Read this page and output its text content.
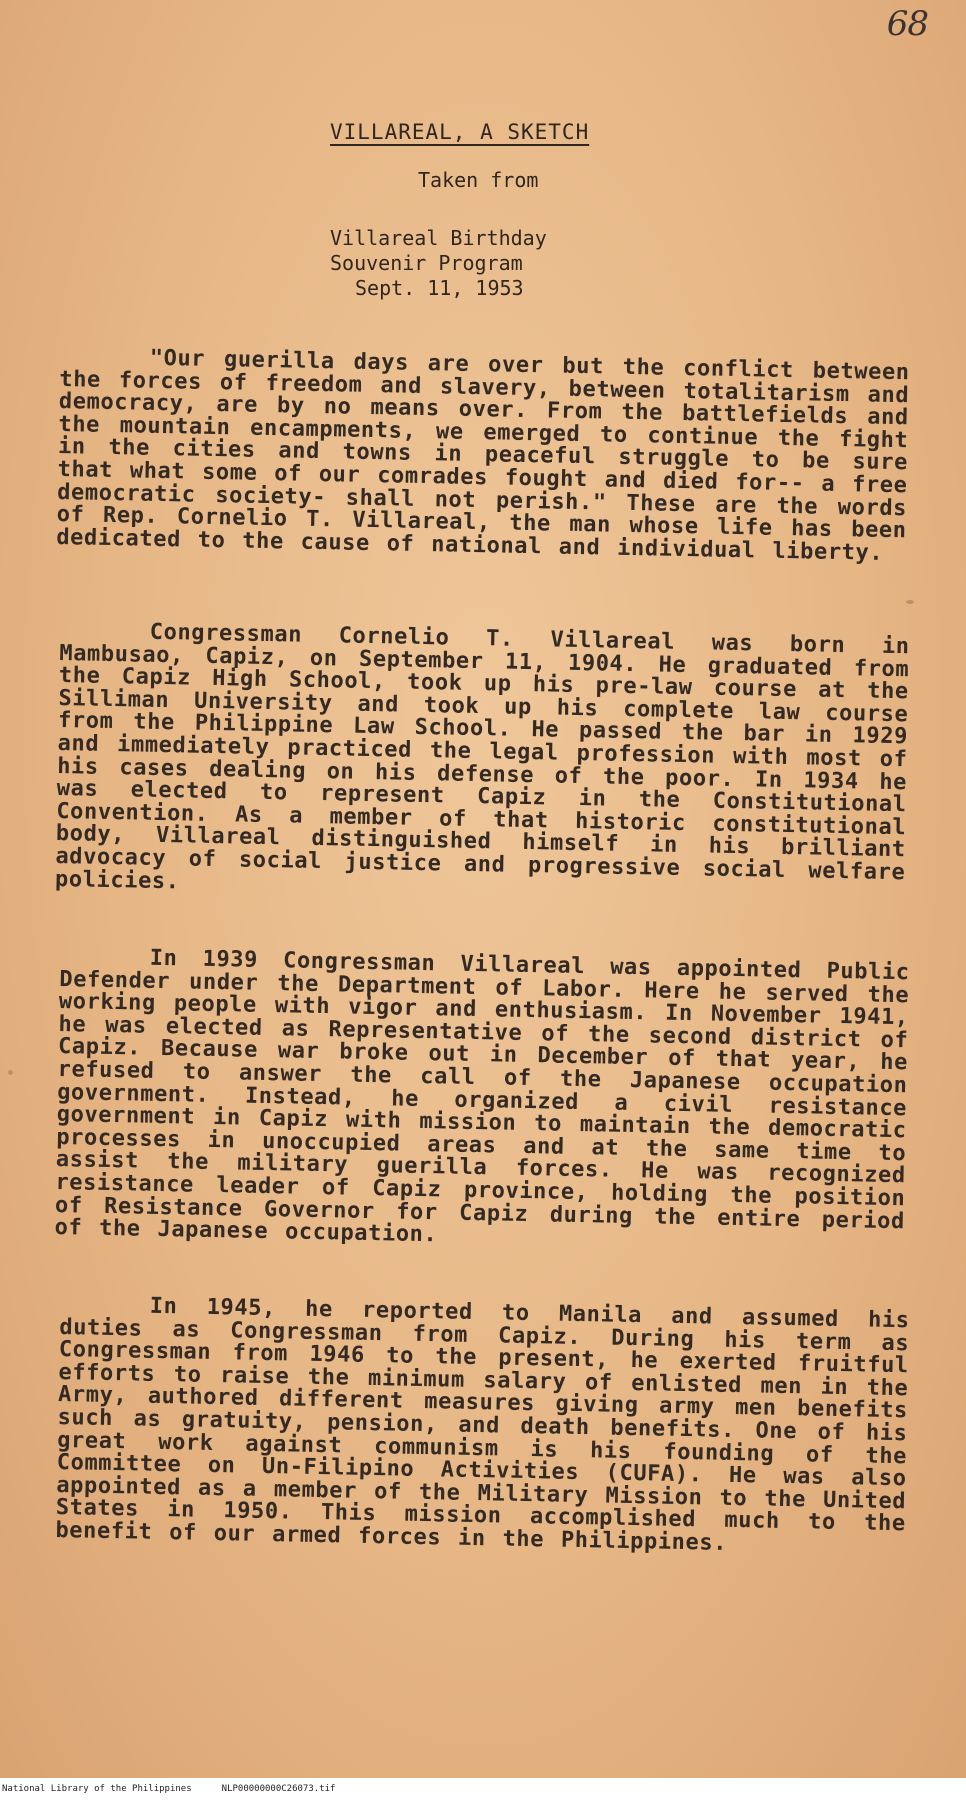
68
VILLAREAL, A SKETCH
Taken from
Villareal Birthday
Souvenir Program
Sept. 11, 1953
"Our guerilla days are over but the conflict between the forces of freedom and slavery, between totalitarism and democracy, are by no means over. From the battlefields and the mountain encampments, we emerged to continue the fight in the cities and towns in peaceful struggle to be sure that what some of our comrades fought and died for-- a free democratic society- shall not perish." These are the words of Rep. Cornelio T. Villareal, the man whose life has been dedicated to the cause of national and individual liberty.
Congressman Cornelio T. Villareal was born in Mambusao, Capiz, on September 11, 1904. He graduated from the Capiz High School, took up his pre-law course at the Silliman University and took up his complete law course from the Philippine Law School. He passed the bar in 1929 and immediately practiced the legal profession with most of his cases dealing on his defense of the poor. In 1934 he was elected to represent Capiz in the Constitutional Convention. As a member of that historic constitutional body, Villareal distinguished himself in his brilliant advocacy of social justice and progressive social welfare policies.
In 1939 Congressman Villareal was appointed Public Defender under the Department of Labor. Here he served the working people with vigor and enthusiasm. In November 1941, he was elected as Representative of the second district of Capiz. Because war broke out in December of that year, he refused to answer the call of the Japanese occupation government. Instead, he organized a civil resistance government in Capiz with mission to maintain the democratic processes in unoccupied areas and at the same time to assist the military guerilla forces. He was recognized resistance leader of Capiz province, holding the position of Resistance Governor for Capiz during the entire period of the Japanese occupation.
In 1945, he reported to Manila and assumed his duties as Congressman from Capiz. During his term as Congressman from 1946 to the present, he exerted fruitful efforts to raise the minimum salary of enlisted men in the Army, authored different measures giving army men benefits such as gratuity, pension, and death benefits. One of his great work against communism is his founding of the Committee on Un-Filipino Activities (CUFA). He was also appointed as a member of the Military Mission to the United States in 1950. This mission accomplished much to the benefit of our armed forces in the Philippines.
National Library of the Philippines	NLP00000000C26073.tif
